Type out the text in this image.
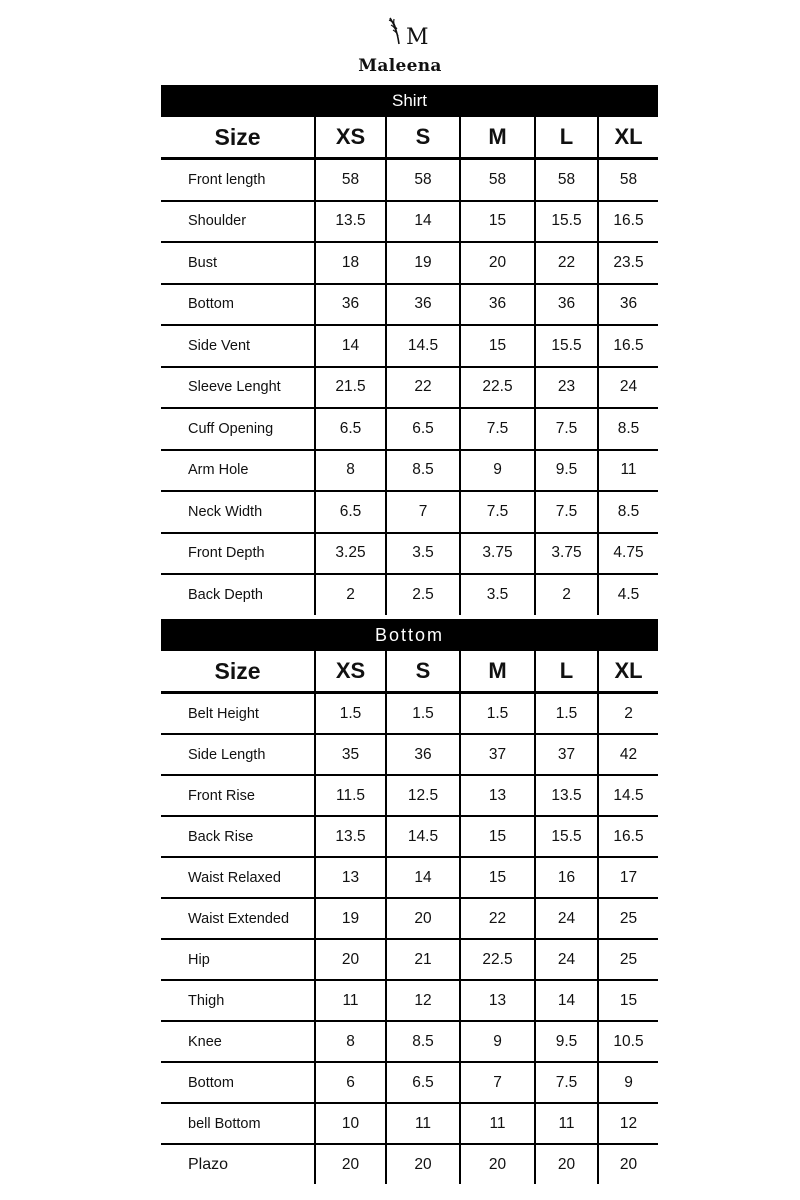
M
Maleena
Shirt					
Size	XS	S	M	L	XL
Front length	58	58	58	58	58
Shoulder	13.5	14	15	15.5	16.5
Bust	18	19	20	22	23.5
Bottom	36	36	36	36	36
Side Vent	14	14.5	15	15.5	16.5
Sleeve Lenght	21.5	22	22.5	23	24
Cuff Opening	6.5	6.5	7.5	7.5	8.5
Arm Hole	8	8.5	9	9.5	11
Neck Width	6.5	7	7.5	7.5	8.5
Front Depth	3.25	3.5	3.75	3.75	4.75
Back Depth	2	2.5	3.5	2	4.5
Bottom					
Size	XS	S	M	L	XL
Belt Height	1.5	1.5	1.5	1.5	2
Side Length	35	36	37	37	42
Front Rise	11.5	12.5	13	13.5	14.5
Back Rise	13.5	14.5	15	15.5	16.5
Waist Relaxed	13	14	15	16	17
Waist Extended	19	20	22	24	25
Hip	20	21	22.5	24	25
Thigh	11	12	13	14	15
Knee	8	8.5	9	9.5	10.5
Bottom	6	6.5	7	7.5	9
bell Bottom	10	11	11	11	12
Plazo	20	20	20	20	20
